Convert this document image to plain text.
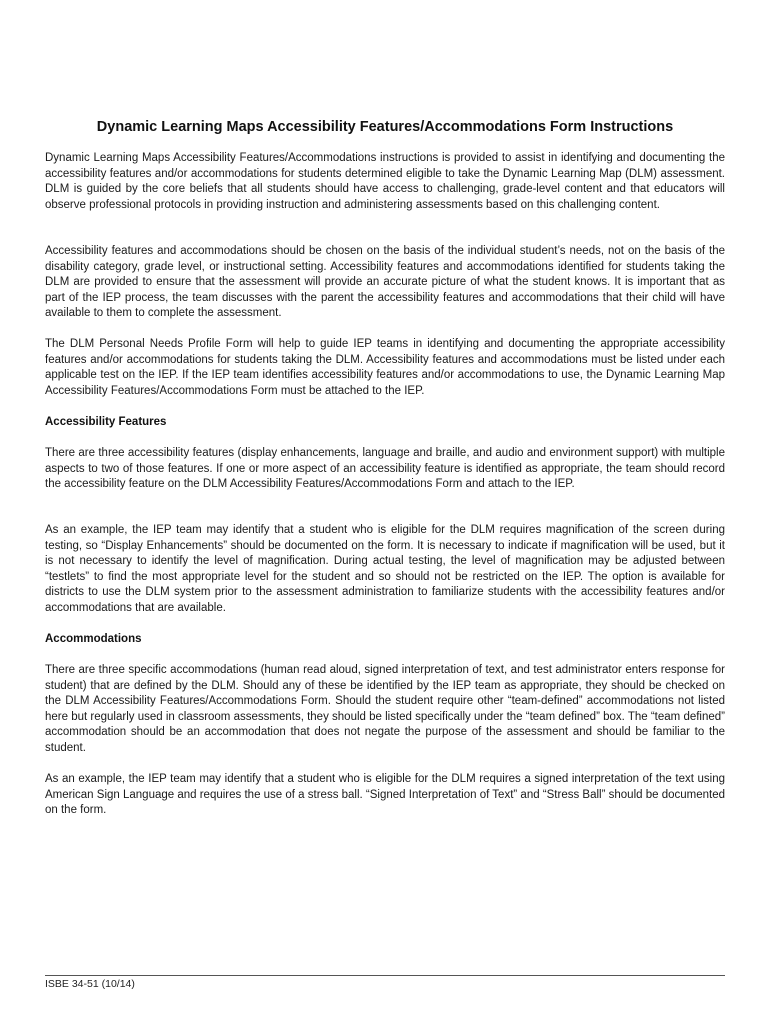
Dynamic Learning Maps Accessibility Features/Accommodations Form Instructions

Dynamic Learning Maps Accessibility Features/Accommodations instructions is provided to assist in identifying and documenting the accessibility features and/or accommodations for students determined eligible to take the Dynamic Learning Map (DLM) assessment. DLM is guided by the core beliefs that all students should have access to challenging, grade-level content and that educators will observe professional protocols in providing instruction and administering assessments based on this challenging content.

Accessibility features and accommodations should be chosen on the basis of the individual student’s needs, not on the basis of the disability category, grade level, or instructional setting. Accessibility features and accommodations identified for students taking the DLM are provided to ensure that the assessment will provide an accurate picture of what the student knows. It is important that as part of the IEP process, the team discusses with the parent the accessibility features and accommodations that their child will have available to them to complete the assessment.

The DLM Personal Needs Profile Form will help to guide IEP teams in identifying and documenting the appropriate accessibility features and/or accommodations for students taking the DLM. Accessibility features and accommodations must be listed under each applicable test on the IEP. If the IEP team identifies accessibility features and/or accommodations to use, the Dynamic Learning Map Accessibility Features/Accommodations Form must be attached to the IEP.

Accessibility Features

There are three accessibility features (display enhancements, language and braille, and audio and environment support) with multiple aspects to two of those features. If one or more aspect of an accessibility feature is identified as appropriate, the team should record the accessibility feature on the DLM Accessibility Features/Accommodations Form and attach to the IEP.

As an example, the IEP team may identify that a student who is eligible for the DLM requires magnification of the screen during testing, so “Display Enhancements” should be documented on the form. It is necessary to indicate if magnification will be used, but it is not necessary to identify the level of magnification. During actual testing, the level of magnification may be adjusted between “testlets” to find the most appropriate level for the student and so should not be restricted on the IEP. The option is available for districts to use the DLM system prior to the assessment administration to familiarize students with the accessibility features and/or accommodations that are available.

Accommodations

There are three specific accommodations (human read aloud, signed interpretation of text, and test administrator enters response for student) that are defined by the DLM. Should any of these be identified by the IEP team as appropriate, they should be checked on the DLM Accessibility Features/Accommodations Form. Should the student require other “team-defined” accommodations not listed here but regularly used in classroom assessments, they should be listed specifically under the “team defined” box. The “team defined” accommodation should be an accommodation that does not negate the purpose of the assessment and should be familiar to the student.

As an example, the IEP team may identify that a student who is eligible for the DLM requires a signed interpretation of the text using American Sign Language and requires the use of a stress ball. “Signed Interpretation of Text” and “Stress Ball” should be documented on the form.

ISBE 34-51 (10/14)
